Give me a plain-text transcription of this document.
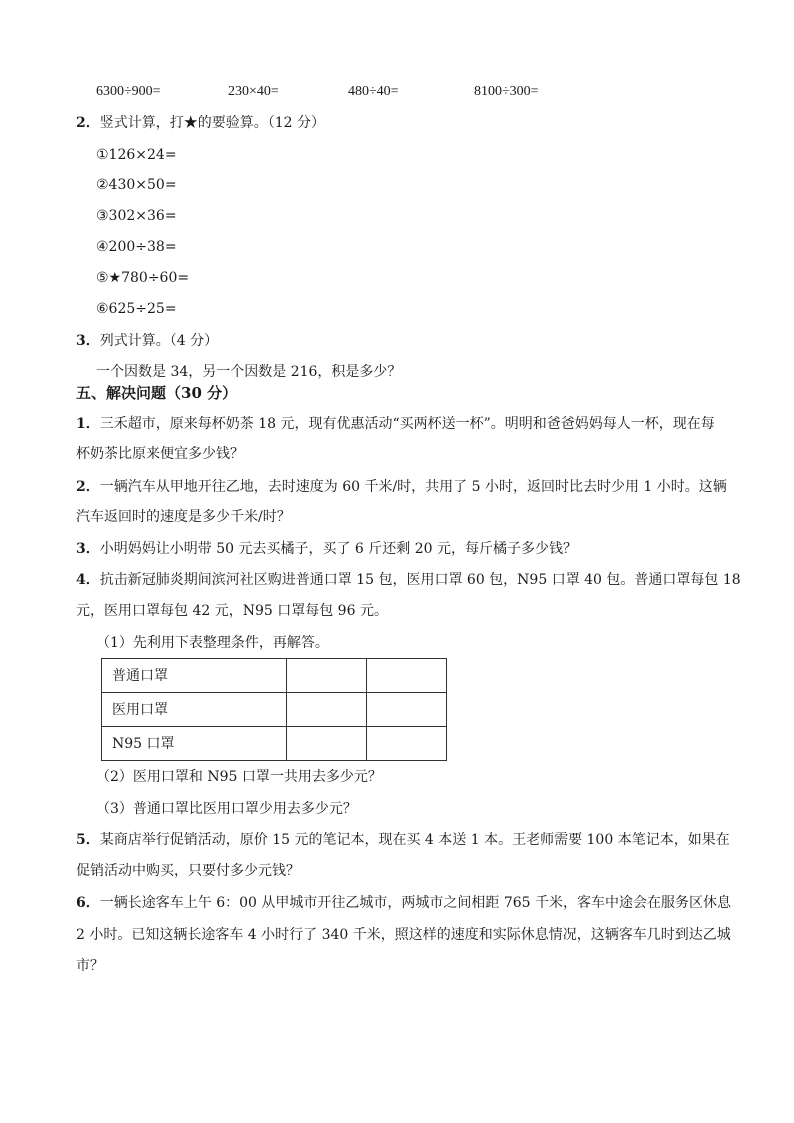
6300÷900=	230×40=	480÷40=	8100÷300=
2．竖式计算，打★的要验算。（12 分）
①126×24=
②430×50=
③302×36=
④200÷38=
⑤★780÷60=
⑥625÷25=
3．列式计算。（4 分）
一个因数是 34，另一个因数是 216，积是多少？
五、解决问题（30 分）
1．三禾超市，原来每杯奶茶 18 元，现有优惠活动“买两杯送一杯”。明明和爸爸妈妈每人一杯，现在每
杯奶茶比原来便宜多少钱？
2．一辆汽车从甲地开往乙地，去时速度为 60 千米/时，共用了 5 小时，返回时比去时少用 1 小时。这辆
汽车返回时的速度是多少千米/时？
3．小明妈妈让小明带 50 元去买橘子，买了 6 斤还剩 20 元，每斤橘子多少钱？
4．抗击新冠肺炎期间滨河社区购进普通口罩 15 包，医用口罩 60 包，N95 口罩 40 包。普通口罩每包 18
元，医用口罩每包 42 元，N95 口罩每包 96 元。
（1）先利用下表整理条件，再解答。
普通口罩		
医用口罩		
N95 口罩		
（2）医用口罩和 N95 口罩一共用去多少元？
（3）普通口罩比医用口罩少用去多少元？
5．某商店举行促销活动，原价 15 元的笔记本，现在买 4 本送 1 本。王老师需要 100 本笔记本，如果在
促销活动中购买，只要付多少元钱？
6．一辆长途客车上午 6：00 从甲城市开往乙城市，两城市之间相距 765 千米，客车中途会在服务区休息
2 小时。已知这辆长途客车 4 小时行了 340 千米，照这样的速度和实际休息情况，这辆客车几时到达乙城
市？
